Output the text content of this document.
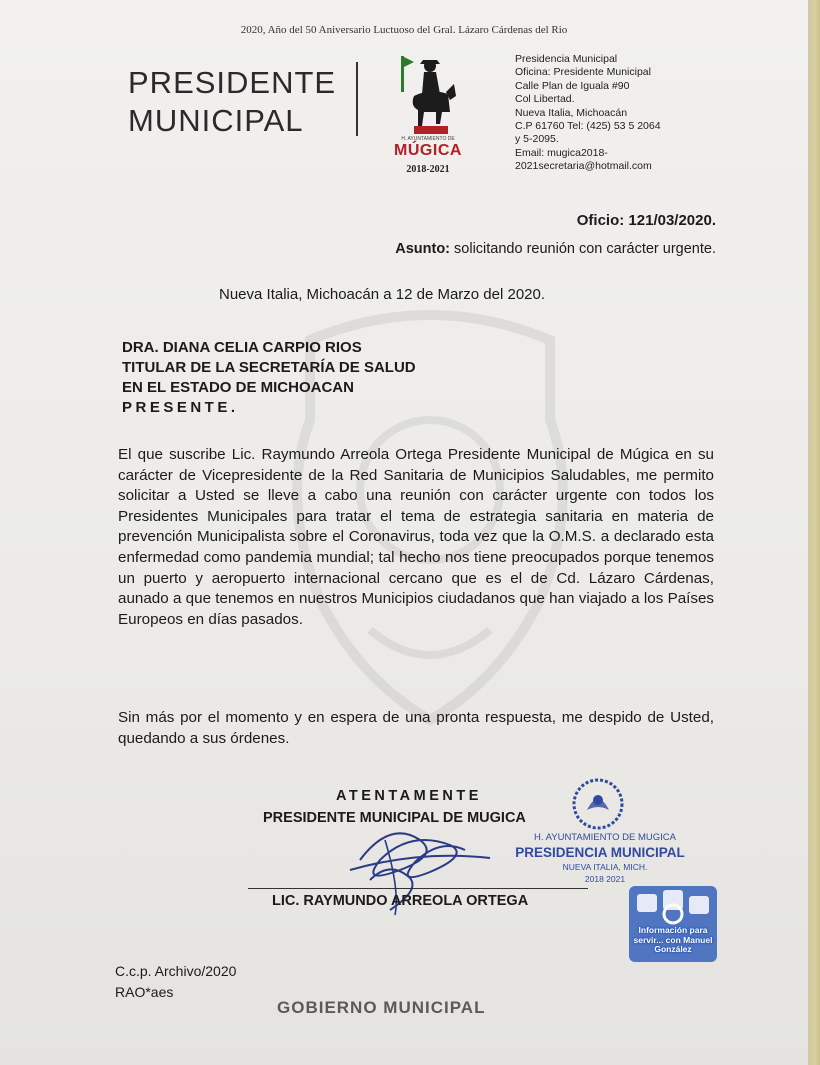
2020, Año del 50 Aniversario Luctuoso del Gral. Lázaro Cárdenas del Rio
PRESIDENTE
MUNICIPAL
H. AYUNTAMIENTO DE
MÚGICA
2018-2021
Presidencia Municipal
Oficina: Presidente Municipal
Calle Plan de Iguala #90
Col Libertad.
Nueva Italia, Michoacán
C.P 61760 Tel: (425) 53 5 2064
y 5-2095.
Email: mugica2018-
2021secretaria@hotmail.com
Oficio: 121/03/2020.
Asunto: solicitando reunión con carácter urgente.
Nueva Italia, Michoacán a 12 de Marzo del 2020.
DRA. DIANA CELIA CARPIO RIOS
TITULAR DE LA SECRETARÍA DE SALUD
EN EL ESTADO DE MICHOACAN
PRESENTE.

El que suscribe Lic. Raymundo Arreola Ortega Presidente Municipal de Múgica en su carácter de Vicepresidente de la Red Sanitaria de Municipios Saludables, me permito solicitar a Usted se lleve a cabo una reunión con carácter urgente con todos los Presidentes Municipales para tratar el tema de estrategia sanitaria en materia de prevención Municipalista sobre el Coronavirus, toda vez que la O.M.S. a declarado esta enfermedad como pandemia mundial; tal hecho nos tiene preocupados porque tenemos un puerto y aeropuerto internacional cercano que es el de Cd. Lázaro Cárdenas, aunado a que tenemos en nuestros Municipios ciudadanos que han viajado a los Países Europeos en días pasados.

Sin más por el momento y en espera de una pronta respuesta, me despido de Usted, quedando a sus órdenes.

H. AYUNTAMIENTO DE MUGICA
PRESIDENCIA MUNICIPAL
NUEVA ITALIA, MICH.
2018 2021
ATENTAMENTE
PRESIDENTE MUNICIPAL DE MUGICA
LIC. RAYMUNDO ARREOLA ORTEGA
C.c.p. Archivo/2020
RAO*aes
GOBIERNO MUNICIPAL
Información para
servir... con Manuel
González
